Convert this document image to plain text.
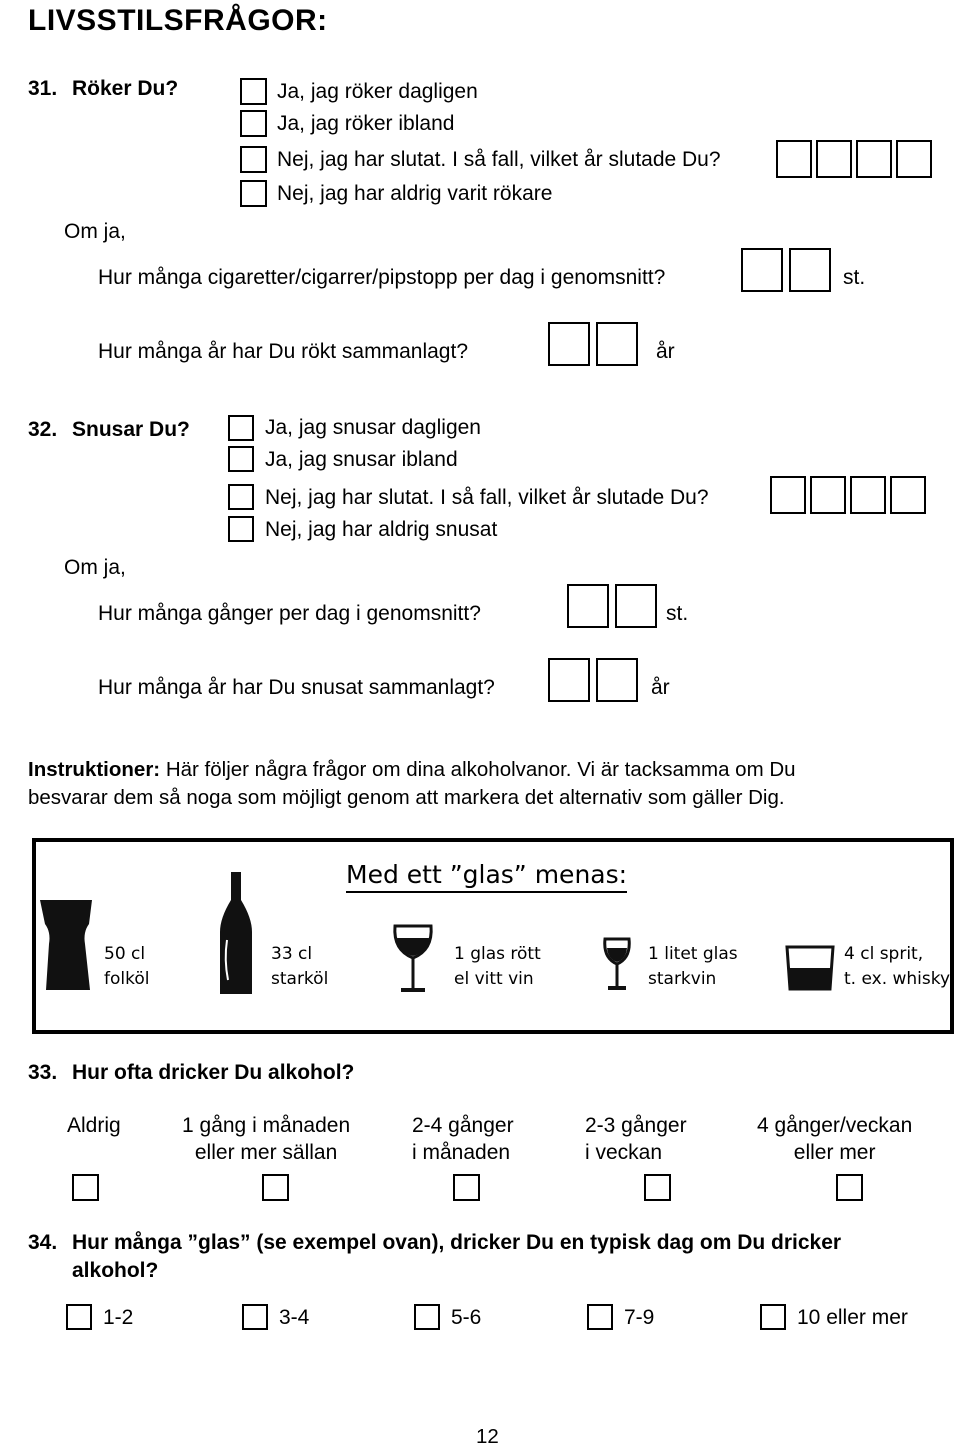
LIVSSTILSFRÅGOR:
31. Röker Du?	Ja, jag röker dagligen
Ja, jag röker ibland
Nej, jag har slutat. I så fall, vilket år slutade Du?
Nej, jag har aldrig varit rökare
Om ja,
Hur många cigaretter/cigarrer/pipstopp per dag i genomsnitt?	st.
Hur många år har Du rökt sammanlagt?	år
32. Snusar Du?	Ja, jag snusar dagligen
Ja, jag snusar ibland
Nej, jag har slutat. I så fall, vilket år slutade Du?
Nej, jag har aldrig snusat
Om ja,
Hur många gånger per dag i genomsnitt?	st.
Hur många år har Du snusat sammanlagt?	år
Instruktioner: Här följer några frågor om dina alkoholvanor. Vi är tacksamma om Du
besvarar dem så noga som möjligt genom att markera det alternativ som gäller Dig.
Med ett ”glas” menas:
50 cl
folköl
33 cl
starköl
1 glas rött
el vitt vin
1 litet glas
starkvin
4 cl sprit,
t. ex. whisky
33. Hur ofta dricker Du alkohol?
Aldrig	1 gång i månaden
eller mer sällan
2-4 gånger
i månaden
2-3 gånger
i veckan
4 gånger/veckan
eller mer
34. Hur många ”glas” (se exempel ovan), dricker Du en typisk dag om Du dricker alkohol?
1-2	3-4	5-6	7-9	10 eller mer
12
